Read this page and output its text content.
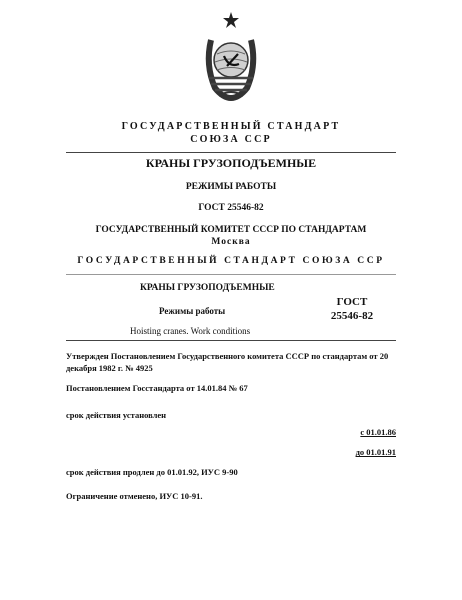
ГОСУДАРСТВЕННЫЙ СТАНДАРТ
СОЮЗА ССР
КРАНЫ ГРУЗОПОДЪЕМНЫЕ
РЕЖИМЫ РАБОТЫ
ГОСТ 25546-82
ГОСУДАРСТВЕННЫЙ КОМИТЕТ СССР ПО СТАНДАРТАМ
Москва
ГОСУДАРСТВЕННЫЙ СТАНДАРТ СОЮЗА ССР
КРАНЫ ГРУЗОПОДЪЕМНЫЕ
Режимы работы
Hoisting cranes. Work conditions
ГОСТ
25546-82
Утвержден Постановлением Государственного комитета СССР по стандартам от 20 декабря 1982 г. № 4925
Постановлением Госстандарта от 14.01.84 № 67
срок действия установлен
с 01.01.86
до 01.01.91
срок действия продлен до 01.01.92, ИУС 9-90
Ограничение отменено, ИУС 10-91.
